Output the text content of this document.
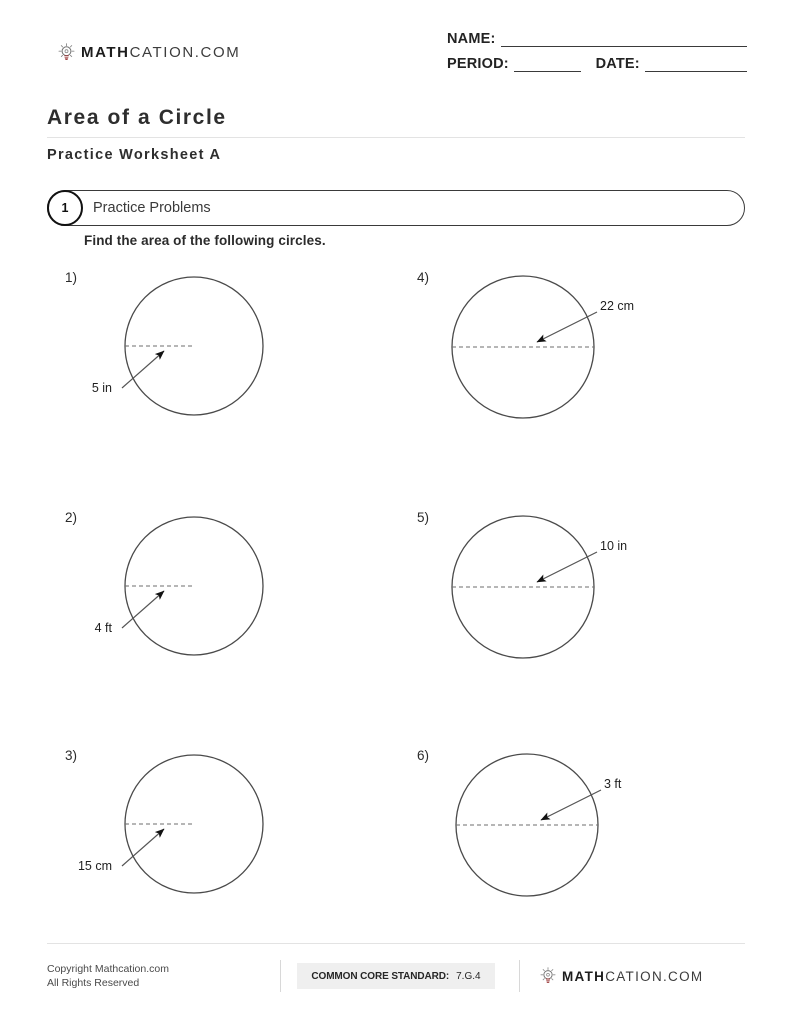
MATHCATION.COM
NAME:
PERIOD:	DATE:
Area of a Circle
Practice Worksheet A
Practice Problems
1
Find the area of the following circles.
1)
5 in
2)
4 ft
3)
15 cm
4)
22 cm
5)
10 in
6)
3 ft
Copyright Mathcation.com
All Rights Reserved
COMMON CORE STANDARD: 7.G.4	MATHCATION.COM
